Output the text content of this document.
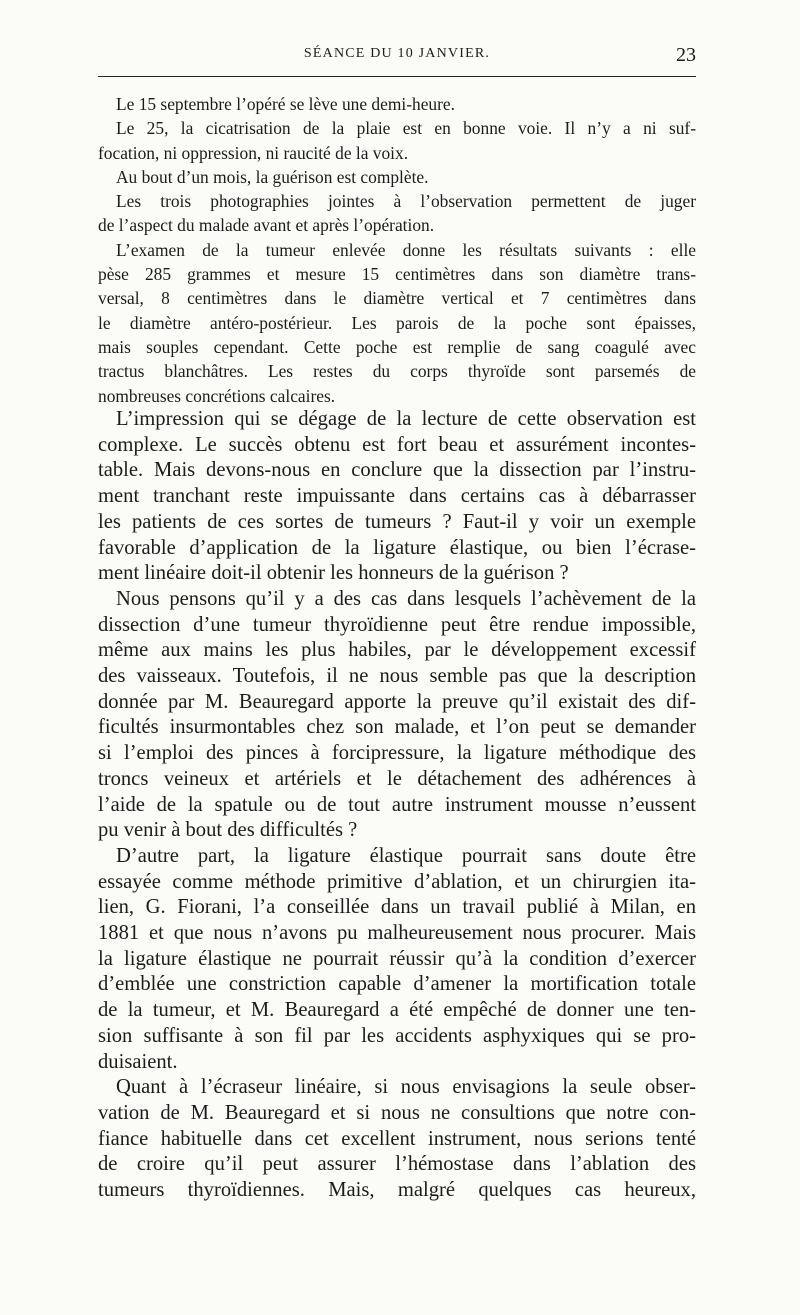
SÉANCE DU 10 JANVIER.	23
Le 15 septembre l’opéré se lève une demi-heure.
Le 25, la cicatrisation de la plaie est en bonne voie. Il n’y a ni suf-
focation, ni oppression, ni raucité de la voix.
Au bout d’un mois, la guérison est complète.
Les trois photographies jointes à l’observation permettent de juger
de l’aspect du malade avant et après l’opération.
L’examen de la tumeur enlevée donne les résultats suivants : elle
pèse 285 grammes et mesure 15 centimètres dans son diamètre trans-
versal, 8 centimètres dans le diamètre vertical et 7 centimètres dans
le diamètre antéro-postérieur. Les parois de la poche sont épaisses,
mais souples cependant. Cette poche est remplie de sang coagulé avec
tractus blanchâtres. Les restes du corps thyroïde sont parsemés de
nombreuses concrétions calcaires.
L’impression qui se dégage de la lecture de cette observation est
complexe. Le succès obtenu est fort beau et assurément incontes-
table. Mais devons-nous en conclure que la dissection par l’instru-
ment tranchant reste impuissante dans certains cas à débarrasser
les patients de ces sortes de tumeurs ? Faut-il y voir un exemple
favorable d’application de la ligature élastique, ou bien l’écrase-
ment linéaire doit-il obtenir les honneurs de la guérison ?
Nous pensons qu’il y a des cas dans lesquels l’achèvement de la
dissection d’une tumeur thyroïdienne peut être rendue impossible,
même aux mains les plus habiles, par le développement excessif
des vaisseaux. Toutefois, il ne nous semble pas que la description
donnée par M. Beauregard apporte la preuve qu’il existait des dif-
ficultés insurmontables chez son malade, et l’on peut se demander
si l’emploi des pinces à forcipressure, la ligature méthodique des
troncs veineux et artériels et le détachement des adhérences à
l’aide de la spatule ou de tout autre instrument mousse n’eussent
pu venir à bout des difficultés ?
D’autre part, la ligature élastique pourrait sans doute être
essayée comme méthode primitive d’ablation, et un chirurgien ita-
lien, G. Fiorani, l’a conseillée dans un travail publié à Milan, en
1881 et que nous n’avons pu malheureusement nous procurer. Mais
la ligature élastique ne pourrait réussir qu’à la condition d’exercer
d’emblée une constriction capable d’amener la mortification totale
de la tumeur, et M. Beauregard a été empêché de donner une ten-
sion suffisante à son fil par les accidents asphyxiques qui se pro-
duisaient.
Quant à l’écraseur linéaire, si nous envisagions la seule obser-
vation de M. Beauregard et si nous ne consultions que notre con-
fiance habituelle dans cet excellent instrument, nous serions tenté
de croire qu’il peut assurer l’hémostase dans l’ablation des
tumeurs thyroïdiennes. Mais, malgré quelques cas heureux,
